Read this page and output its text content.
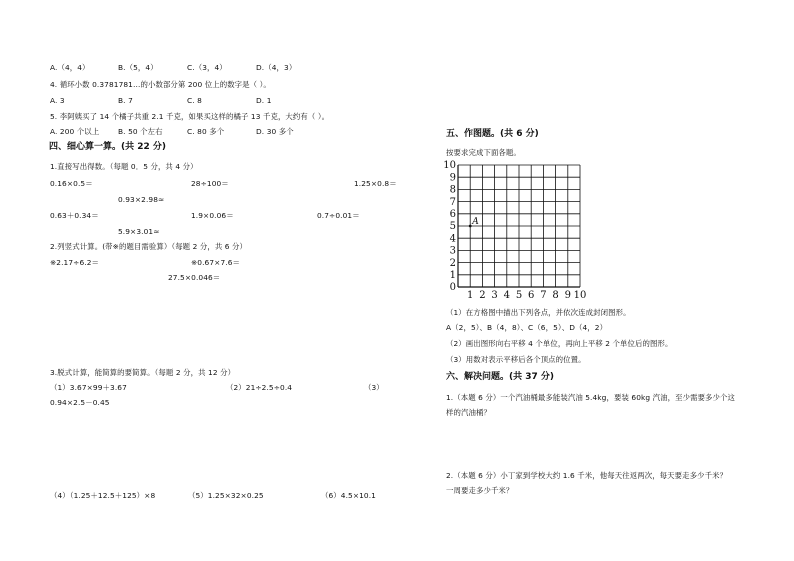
A.（4，4）	B.（5，4）	C.（3，4）	D.（4，3）
4. 循环小数 0.3781781…的小数部分第 200 位上的数字是（ ）。
A. 3	B. 7	C. 8	D. 1
5. 李阿姨买了 14 个橘子共重 2.1 千克，如果买这样的橘子 13 千克，大约有（ ）。
A. 200 个以上	B. 50 个左右	C. 80 多个	D. 30 多个
四、细心算一算。(共 22 分)
1.直接写出得数。（每题 0．5 分，共 4 分）
0.16×0.5＝	28÷100＝	1.25×0.8＝
0.93×2.98≈
0.63＋0.34＝	1.9×0.06＝	0.7÷0.01＝
5.9×3.01≈
2.列竖式计算。(带※的题目需验算）（每题 2 分，共 6 分）
※2.17÷6.2＝	※0.67×7.6＝
27.5×0.046＝
3.脱式计算，能简算的要简算。（每题 2 分，共 12 分）
（1）3.67×99＋3.67	（2）21÷2.5÷0.4	（3）
0.94×2.5－0.45
（4）（1.25＋12.5＋125）×8	（5）1.25×32×0.25	（6）4.5×10.1
五、作图题。(共 6 分)
按要求完成下面各题。
0
1
2
3
4
5
6
7
8
9
10
1 2 3 4 5 6 7 8 9 10
A
（1）在方格图中描出下列各点，并依次连成封闭图形。
A（2，5）、B（4，8）、C（6，5）、D（4，2）
（2）画出图形向右平移 4 个单位，再向上平移 2 个单位后的图形。
（3）用数对表示平移后各个顶点的位置。
六、解决问题。(共 37 分)
1.（本题 6 分）一个汽油桶最多能装汽油 5.4kg，要装 60kg 汽油，至少需要多少个这
样的汽油桶？
2.（本题 6 分）小丁家到学校大约 1.6 千米，他每天往返两次，每天要走多少千米？
一周要走多少千米？
